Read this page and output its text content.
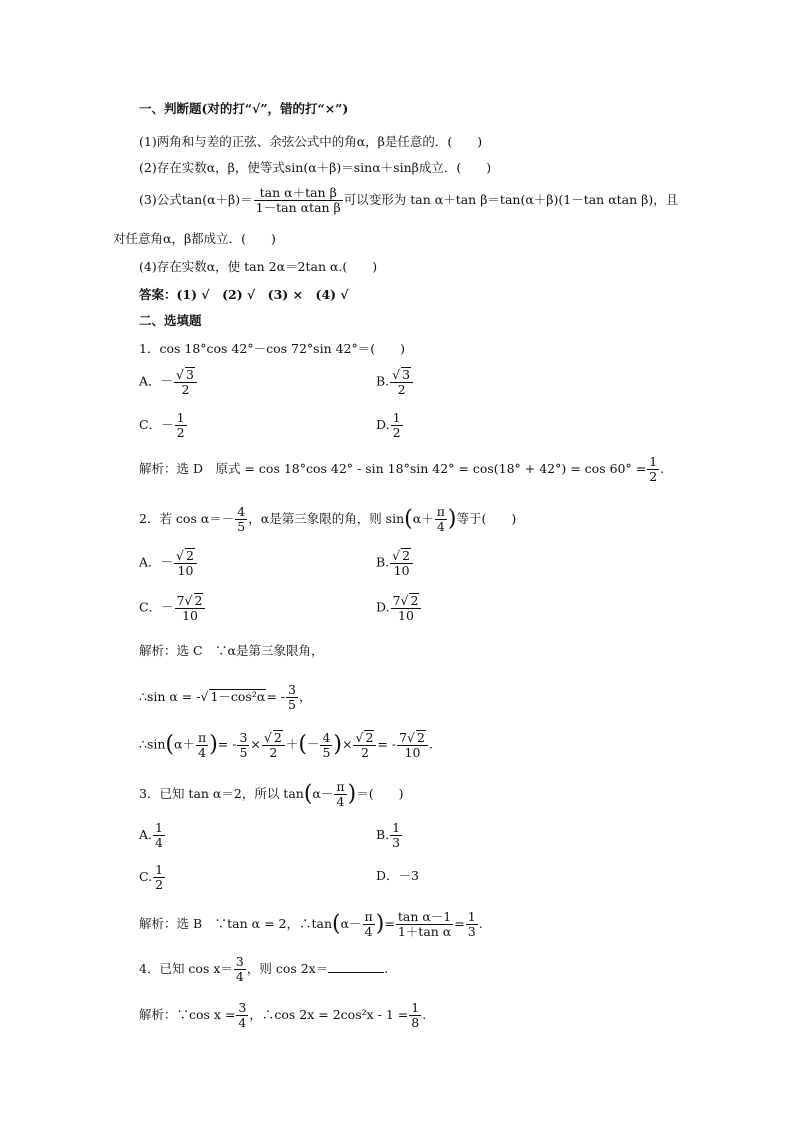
一、判断题(对的打“√”，错的打“×”)
(1)两角和与差的正弦、余弦公式中的角α，β是任意的．(　　)
(2)存在实数α，β，使等式sin(α＋β)＝sinα＋sinβ成立．(　　)
(3)公式$\tan(\alpha+\beta)= \frac{\text{tan α＋tan β}}{\text{1－tan αtan β}}$ 可以变形为 tan α＋tan β＝tan(α＋β)(1－tan αtan β)，且
对任意角α，β都成立．(　　)
(4)存在实数α，使 tan 2α＝2tan α.(　　)
答案：(1) √　(2) √　(3) ×　(4) √
二、选填题
1．cos 18°cos 42°－cos 72°sin 42°＝(　　)
A．－ $\frac{√ 3}{2}$	B. $\frac{√ 3}{2}$
C．－ $\frac{1}{2}$	D. $\frac{1}{2}$
解析：选 D　原式 = cos 18°cos 42° - sin 18°sin $42^\circ = \cos(18^\circ + 42^\circ) = \cos 60^\circ = \frac{1}{2}$ .
2．若 $\cos \alpha=- \frac{4}{5}$ ，α是第三象限的角，则 $\sin(\alpha+ \frac{\pi}{4}$ )等于(　　)
A．－ $\frac{√ 2}{10}$	B. $\frac{√ 2}{10}$
C．－ $\frac{7√ 2}{10}$	D. $\frac{7√ 2}{10}$
解析：选 C　∵α是第三象限角，
∴sin α = -√ $1-\cos^2\alpha= - \frac{3}{5}$ ，
∴sin(α＋ $\frac{\pi}{4}$ )= - $\frac{3}{5} \times \frac{√ 2}{2}$ ＋(－ $\frac{4}{5}$ )× $\frac{√ 2}{2}$ = - $\frac{7√ 2}{10}$ .
3．已知 tan α＝2，所以 $\tan(\alpha- \frac{\pi}{4}$ )＝(　　)
A. $\frac{1}{4}$	B. $\frac{1}{3}$
C. $\frac{1}{2}$	D．－3
解析：选 B　∵tan α = 2，∴tan(α－ $\frac{\pi}{4}$ )= $\frac{\text{tan α－1}}{\text{1＋tan α}} = \frac{1}{3}$ .
4．已知 $\cos x= \frac{3}{4}$ ，则 cos 2x＝	.
解析：∵cos $x = \frac{3}{4}$ ，∴cos $2x = 2\cos^2x - 1 = \frac{1}{8}$ .
